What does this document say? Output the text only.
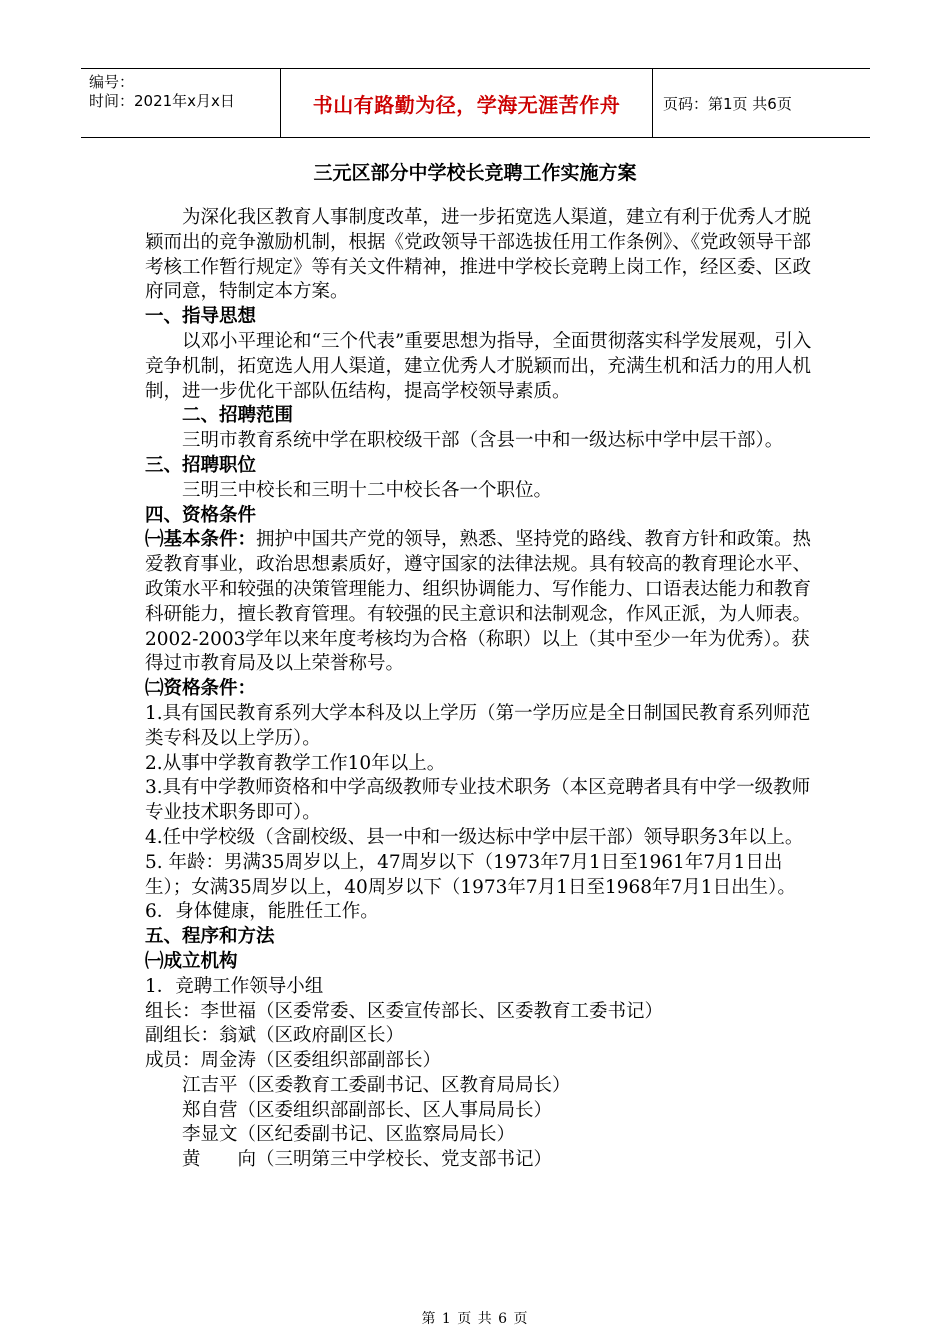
编号：
时间：2021年x月x日	书山有路勤为径，学海无涯苦作舟	页码：第1页 共6页
三元区部分中学校长竞聘工作实施方案

为深化我区教育人事制度改革，进一步拓宽选人渠道，建立有利于优秀人才脱颖而出的竞争激励机制，根据《党政领导干部选拔任用工作条例》、《党政领导干部考核工作暂行规定》等有关文件精神，推进中学校长竞聘上岗工作，经区委、区政府同意，特制定本方案。

一、指导思想

以邓小平理论和“三个代表”重要思想为指导，全面贯彻落实科学发展观，引入竞争机制，拓宽选人用人渠道，建立优秀人才脱颖而出，充满生机和活力的用人机制，进一步优化干部队伍结构，提高学校领导素质。

二、招聘范围

三明市教育系统中学在职校级干部（含县一中和一级达标中学中层干部）。

三、招聘职位

三明三中校长和三明十二中校长各一个职位。

四、资格条件

㈠基本条件：拥护中国共产党的领导，熟悉、坚持党的路线、教育方针和政策。热爱教育事业，政治思想素质好，遵守国家的法律法规。具有较高的教育理论水平、政策水平和较强的决策管理能力、组织协调能力、写作能力、口语表达能力和教育科研能力，擅长教育管理。有较强的民主意识和法制观念，作风正派，为人师表。2002-2003学年以来年度考核均为合格（称职）以上（其中至少一年为优秀）。获得过市教育局及以上荣誉称号。

㈡资格条件：

1.具有国民教育系列大学本科及以上学历（第一学历应是全日制国民教育系列师范类专科及以上学历）。

2.从事中学教育教学工作10年以上。

3.具有中学教师资格和中学高级教师专业技术职务（本区竞聘者具有中学一级教师专业技术职务即可）。

4.任中学校级（含副校级、县一中和一级达标中学中层干部）领导职务3年以上。

5. 年龄：男满35周岁以上，47周岁以下（1973年7月1日至1961年7月1日出生）；女满35周岁以上，40周岁以下（1973年7月1日至1968年7月1日出生）。

6．身体健康，能胜任工作。

五、程序和方法

㈠成立机构

1．竞聘工作领导小组

组长：李世福（区委常委、区委宣传部长、区委教育工委书记）

副组长：翁斌（区政府副区长）

成员：周金涛（区委组织部副部长）

江吉平（区委教育工委副书记、区教育局局长）

郑自营（区委组织部副部长、区人事局局长）

李显文（区纪委副书记、区监察局局长）

黄　　向（三明第三中学校长、党支部书记）

第 1 页 共 6 页
